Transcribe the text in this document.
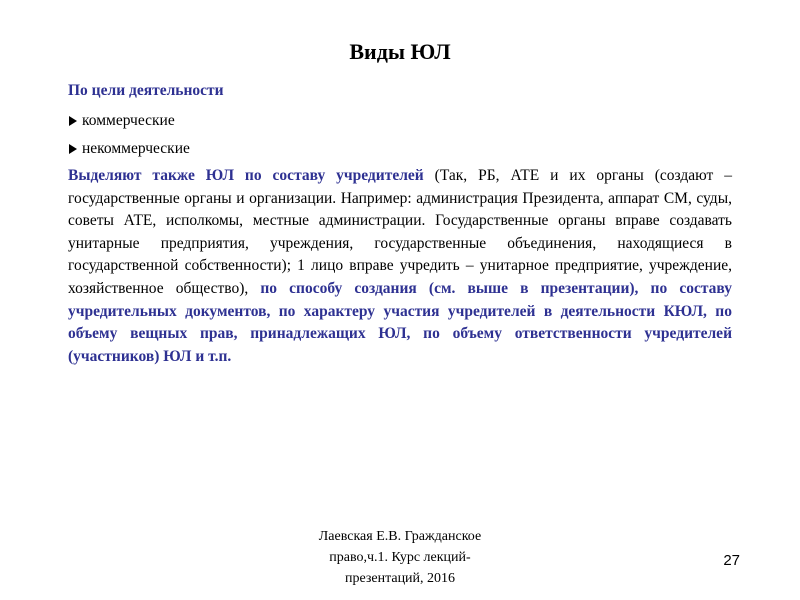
Виды ЮЛ

По цели деятельности

коммерческие
некоммерческие

Выделяют также ЮЛ по составу учредителей (Так, РБ, АТЕ и их органы (создают – государственные органы и организации. Например: администрация Президента, аппарат СМ, суды, советы АТЕ, исполкомы, местные администрации. Государственные органы вправе создавать унитарные предприятия, учреждения, государственные объединения, находящиеся в государственной собственности); 1 лицо вправе учредить – унитарное предприятие, учреждение, хозяйственное общество), по способу создания (см. выше в презентации), по составу учредительных документов, по характеру участия учредителей в деятельности КЮЛ, по объему вещных прав, принадлежащих ЮЛ, по объему ответственности учредителей (участников) ЮЛ и т.п.

Лаевская Е.В. Гражданское право,ч.1. Курс лекций-презентаций, 2016
27
